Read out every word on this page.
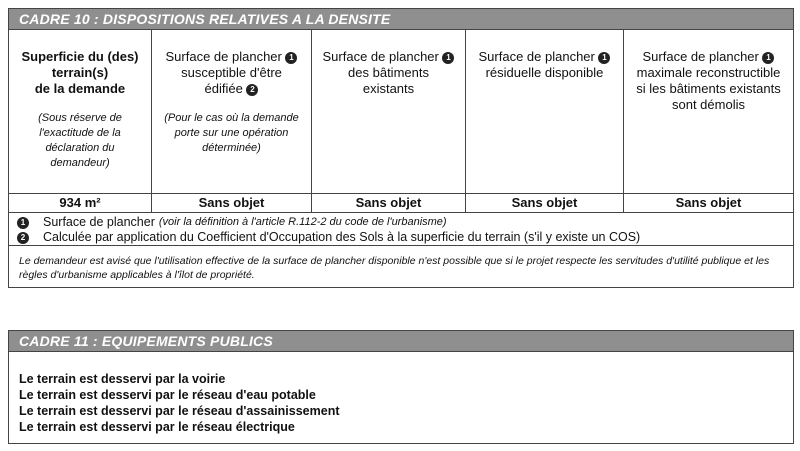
CADRE 10 : DISPOSITIONS RELATIVES A LA DENSITE
Superficie du (des)
terrain(s)
de la demande
(Sous réserve de l'exactitude de la déclaration du demandeur)
934 m²
Surface de plancher 1
susceptible d'être
édifiée 2
(Pour le cas où la demande porte sur une opération déterminée)
Sans objet
Surface de plancher 1
des bâtiments
existants
Sans objet
Surface de plancher 1
résiduelle disponible
Sans objet
Surface de plancher 1
maximale reconstructible
si les bâtiments existants
sont démolis
Sans objet
1	Surface de plancher (voir la définition à l'article R.112-2 du code de l'urbanisme)
2	Calculée par application du Coefficient d'Occupation des Sols à la superficie du terrain (s'il y existe un COS)
Le demandeur est avisé que l'utilisation effective de la surface de plancher disponible n'est possible que si le projet respecte les servitudes d'utilité publique et les règles d'urbanisme applicables à l'îlot de propriété.
CADRE 11 : EQUIPEMENTS PUBLICS
Le terrain est desservi par la voirie
Le terrain est desservi par le réseau d'eau potable
Le terrain est desservi par le réseau d'assainissement
Le terrain est desservi par le réseau électrique
